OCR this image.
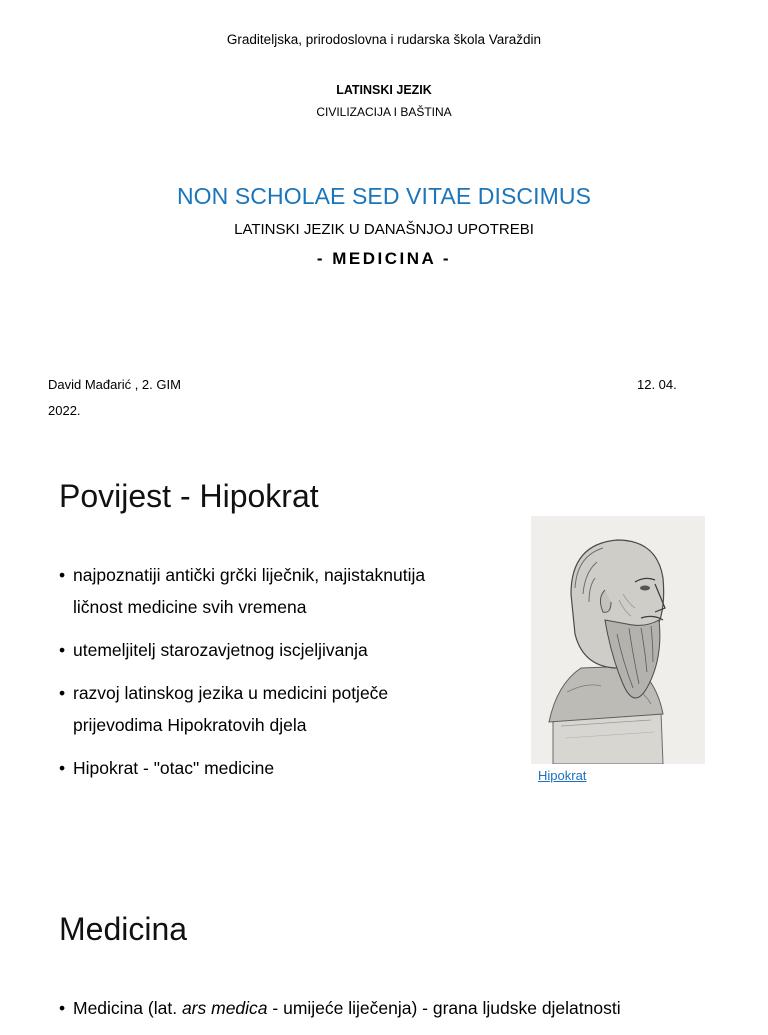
Graditeljska, prirodoslovna i rudarska škola Varaždin
LATINSKI JEZIK
CIVILIZACIJA I BAŠTINA
NON SCHOLAE SED VITAE DISCIMUS
LATINSKI JEZIK U DANAŠNJOJ UPOTREBI
- MEDICINA -
David Mađarić , 2. GIM	12. 04.
2022.
Povijest - Hipokrat
• najpoznatiji antički grčki liječnik, najistaknutija
ličnost medicine svih vremena
• utemeljitelj starozavjetnog iscjeljivanja
• razvoj latinskog jezika u medicini potječe
prijevodima Hipokratovih djela
• Hipokrat - "otac" medicine	Hipokrat
Medicina
• Medicina (lat. ars medica - umijeće liječenja) - grana ljudske djelatnosti
